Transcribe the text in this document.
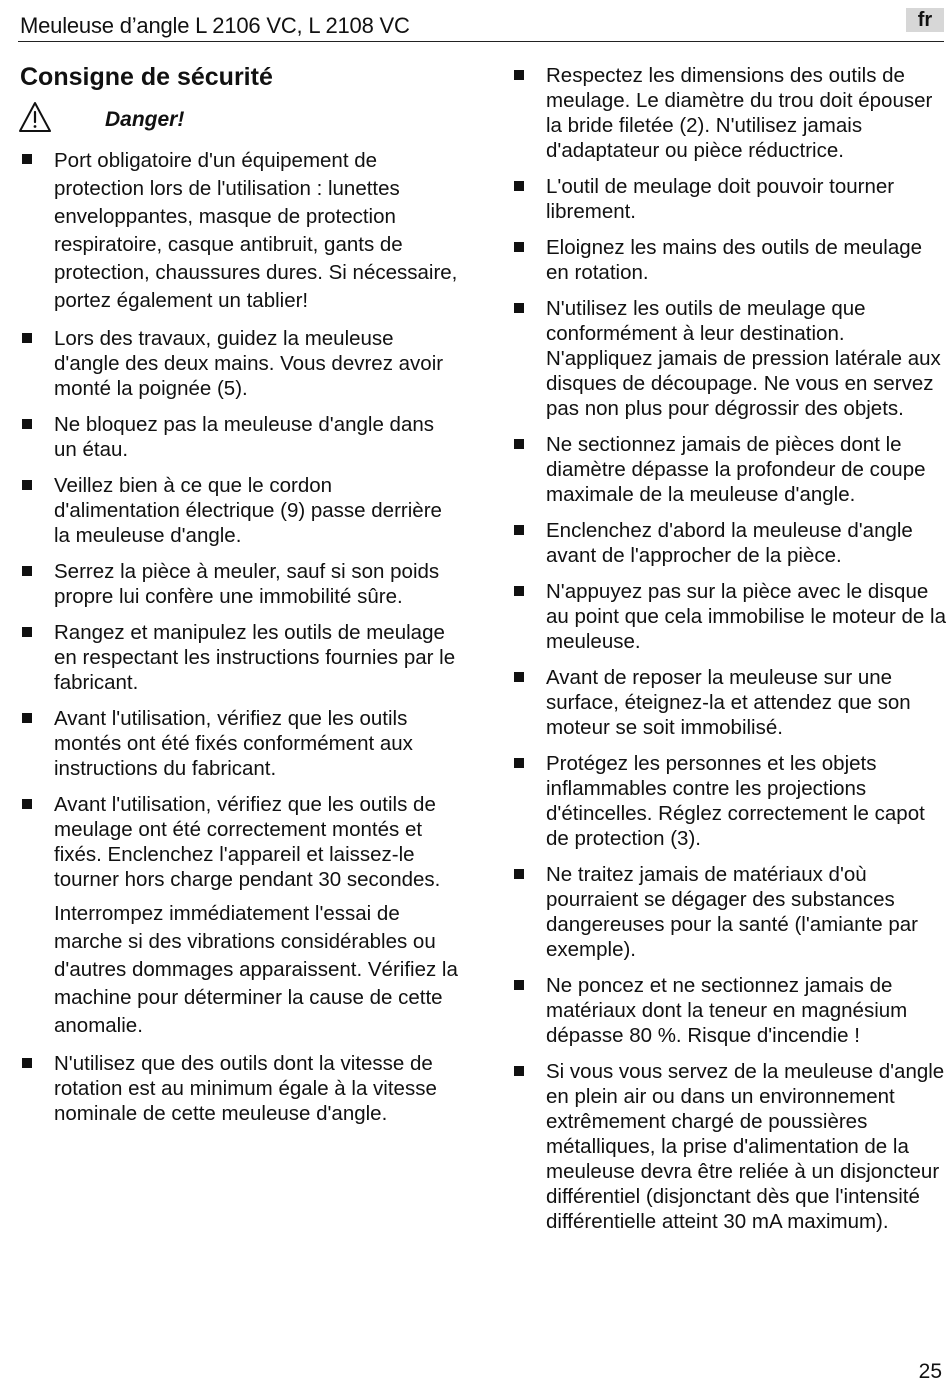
Meuleuse d’angle L 2106 VC, L 2108 VC	fr
Consigne de sécurité
Danger!
Port obligatoire d'un équipement de protection lors de l'utilisation : lunettes enveloppantes, masque de protection respiratoire, casque antibruit, gants de protection, chaussures dures. Si nécessaire, portez également un tablier!
Lors des travaux, guidez la meuleuse d'angle des deux mains. Vous devrez avoir monté la poignée (5).
Ne bloquez pas la meuleuse d'angle dans un étau.
Veillez bien à ce que le cordon d'alimentation électrique (9) passe derrière la meuleuse d'angle.
Serrez la pièce à meuler, sauf si son poids propre lui confère une immobilité sûre.
Rangez et manipulez les outils de meulage en respectant les instructions fournies par le fabricant.
Avant l'utilisation, vérifiez que les outils montés ont été fixés conformément aux instructions du fabricant.
Avant l'utilisation, vérifiez que les outils de meulage ont été correctement montés et fixés. Enclenchez l'appareil et laissez-le tourner hors charge pendant 30 secondes.
Interrompez immédiatement l'essai de marche si des vibrations considérables ou d'autres dommages apparaissent. Vérifiez la machine pour déterminer la cause de cette anomalie.
N'utilisez que des outils dont la vitesse de rotation est au minimum égale à la vitesse nominale de cette meuleuse d'angle.
Respectez les dimensions des outils de meulage. Le diamètre du trou doit épouser la bride filetée (2). N'utilisez jamais d'adaptateur ou pièce réductrice.
L'outil de meulage doit pouvoir tourner librement.
Eloignez les mains des outils de meulage en rotation.
N'utilisez les outils de meulage que conformément à leur destination. N'appliquez jamais de pression latérale aux disques de découpage. Ne vous en servez pas non plus pour dégrossir des objets.
Ne sectionnez jamais de pièces dont le diamètre dépasse la profondeur de coupe maximale de la meuleuse d'angle.
Enclenchez d'abord la meuleuse d'angle avant de l'approcher de la pièce.
N'appuyez pas sur la pièce avec le disque au point que cela immobilise le moteur de la meuleuse.
Avant de reposer la meuleuse sur une surface, éteignez-la et attendez que son moteur se soit immobilisé.
Protégez les personnes et les objets inflammables contre les projections d'étincelles. Réglez correctement le capot de protection (3).
Ne traitez jamais de matériaux d'où pourraient se dégager des substances dangereuses pour la santé (l'amiante par exemple).
Ne poncez et ne sectionnez jamais de matériaux dont la teneur en magnésium dépasse 80 %. Risque d'incendie !
Si vous vous servez de la meuleuse d'angle en plein air ou dans un environnement extrêmement chargé de poussières métalliques, la prise d'alimentation de la meuleuse devra être reliée à un disjoncteur différentiel (disjonctant dès que l'intensité différentielle atteint 30 mA maximum).
25
